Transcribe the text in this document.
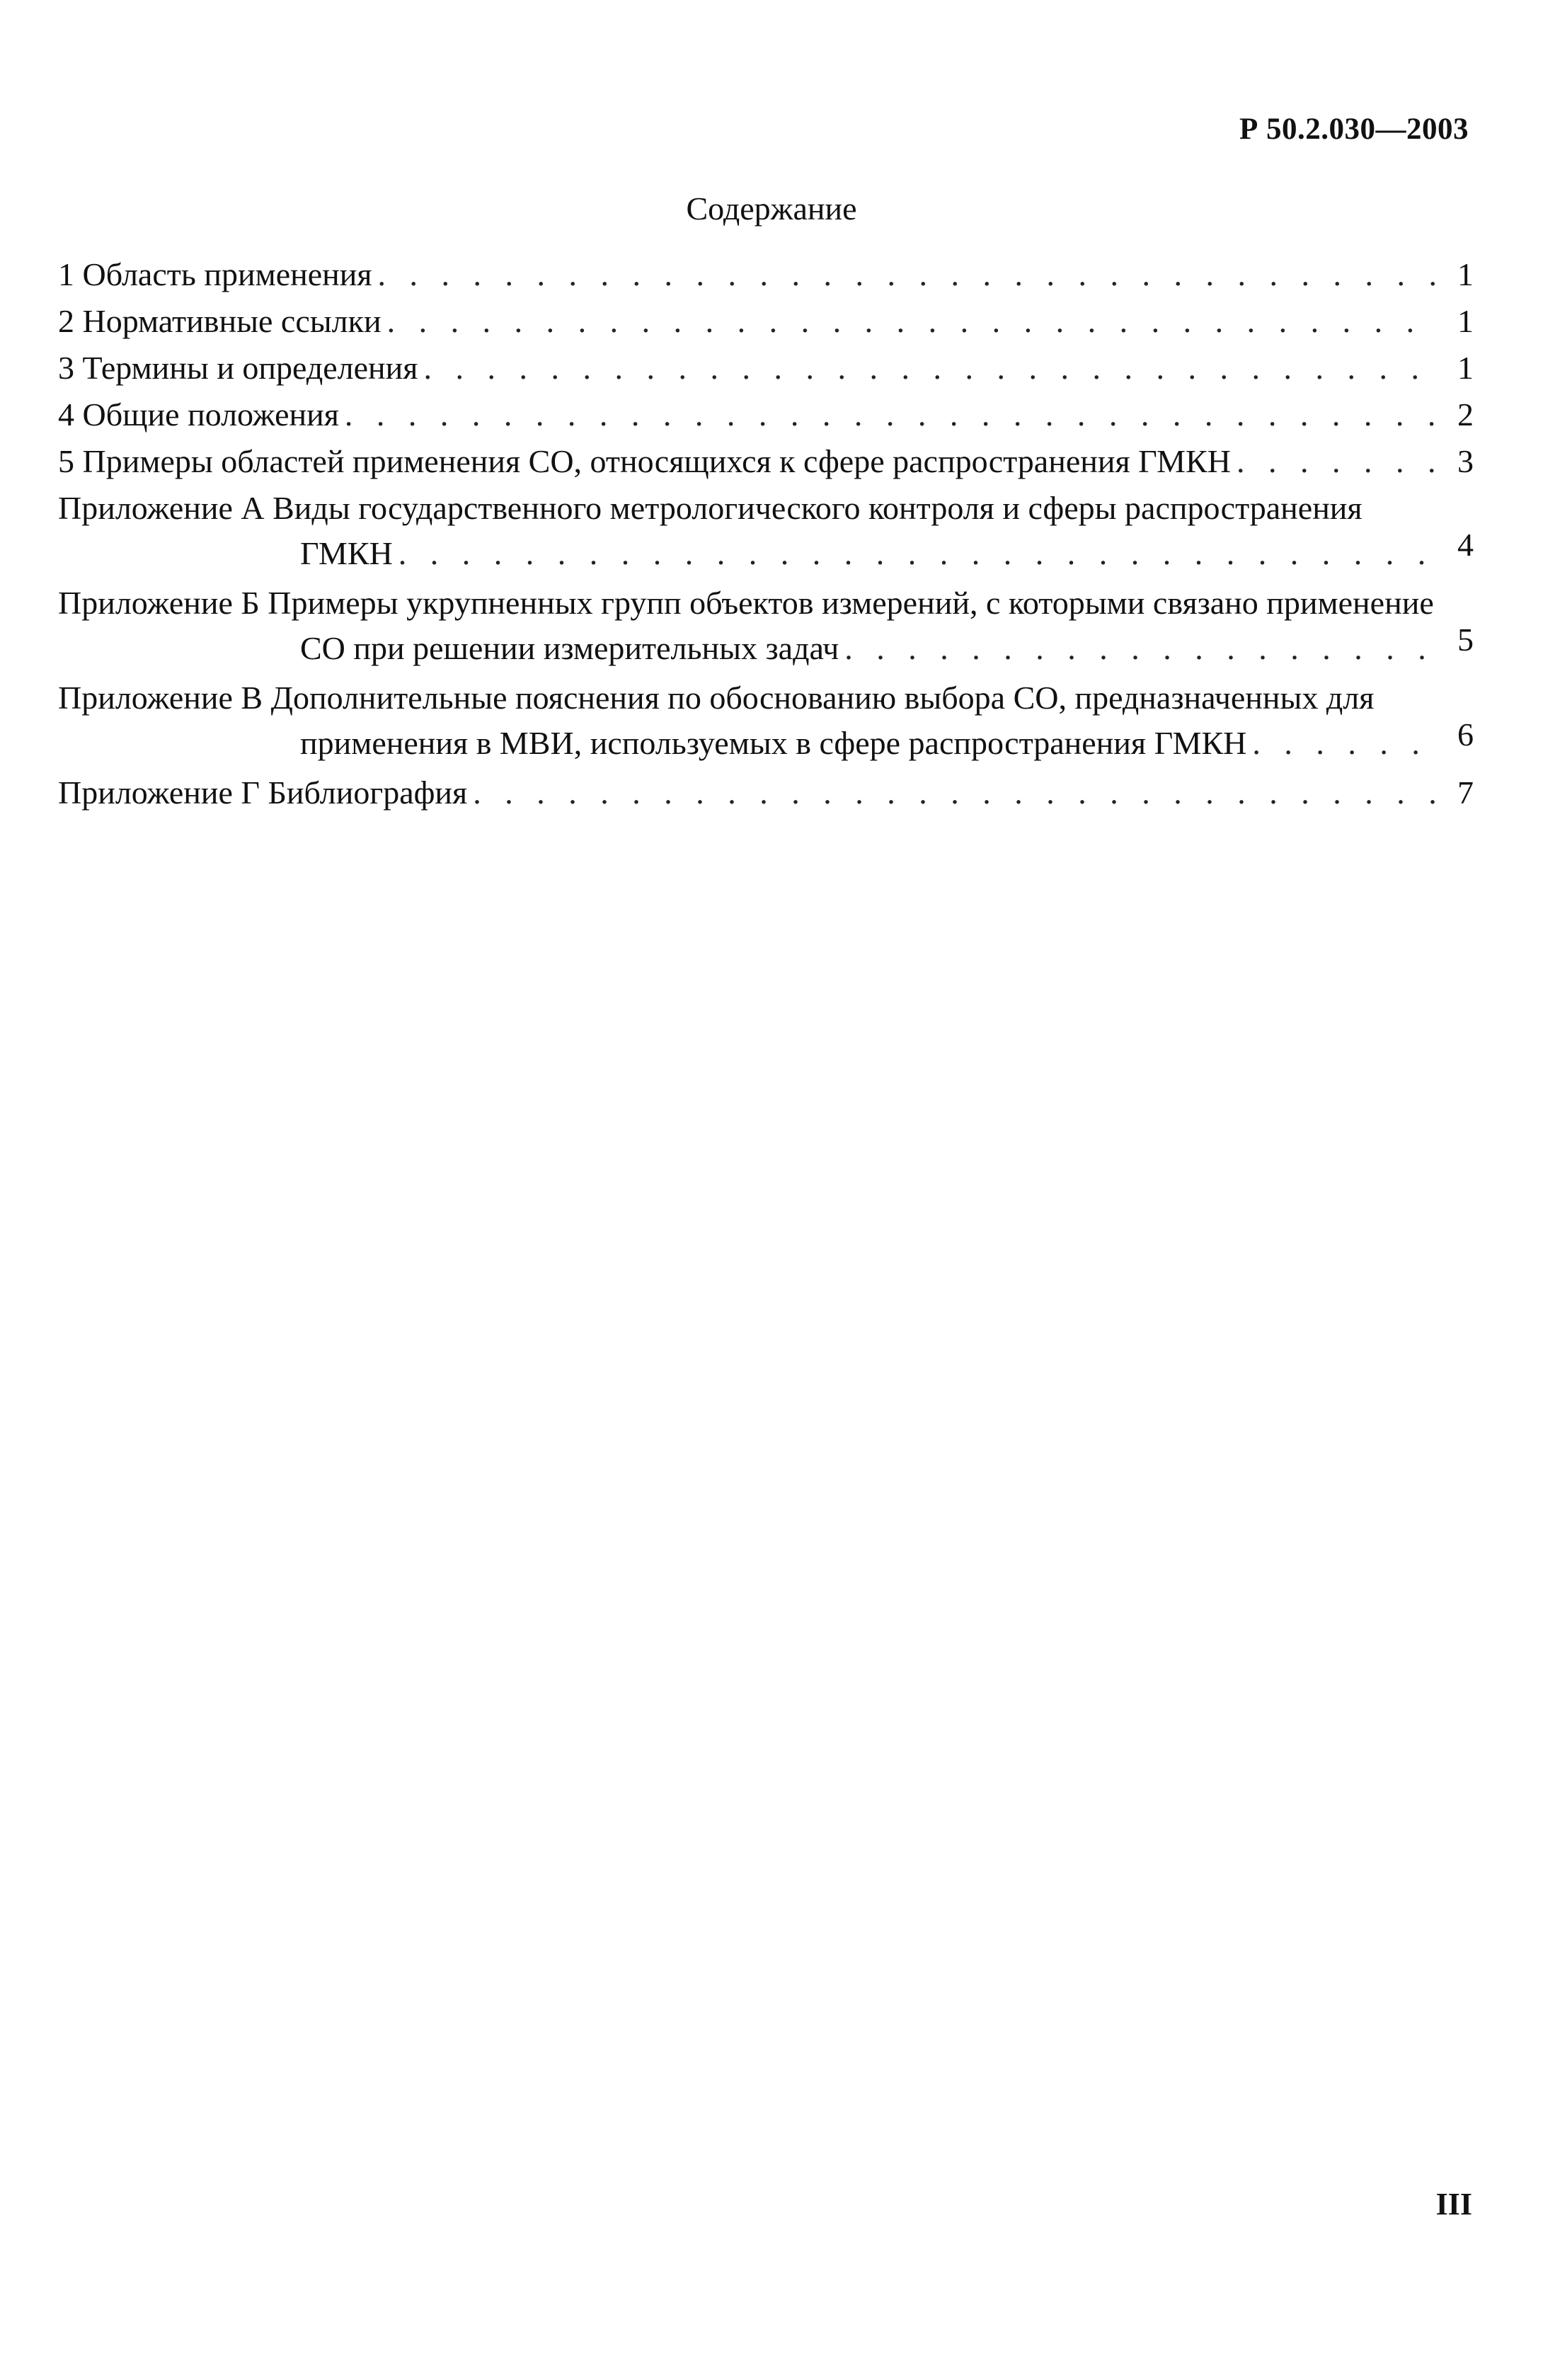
Р 50.2.030—2003
Содержание
1 Область применения . . .	1
2 Нормативные ссылки . . .	1
3 Термины и определения . . .	1
4 Общие положения . . .	2
5 Примеры областей применения СО, относящихся к сфере распространения ГМКН . . .	3
Приложение А Виды государственного метрологического контроля и сферы распространения
ГМКН . . .	4
Приложение Б Примеры укрупненных групп объектов измерений, с которыми связано применение
СО при решении измерительных задач . . .	5
Приложение В Дополнительные пояснения по обоснованию выбора СО, предназначенных для
применения в МВИ, используемых в сфере распространения ГМКН . . .	6
Приложение Г Библиография . . .	7
III
